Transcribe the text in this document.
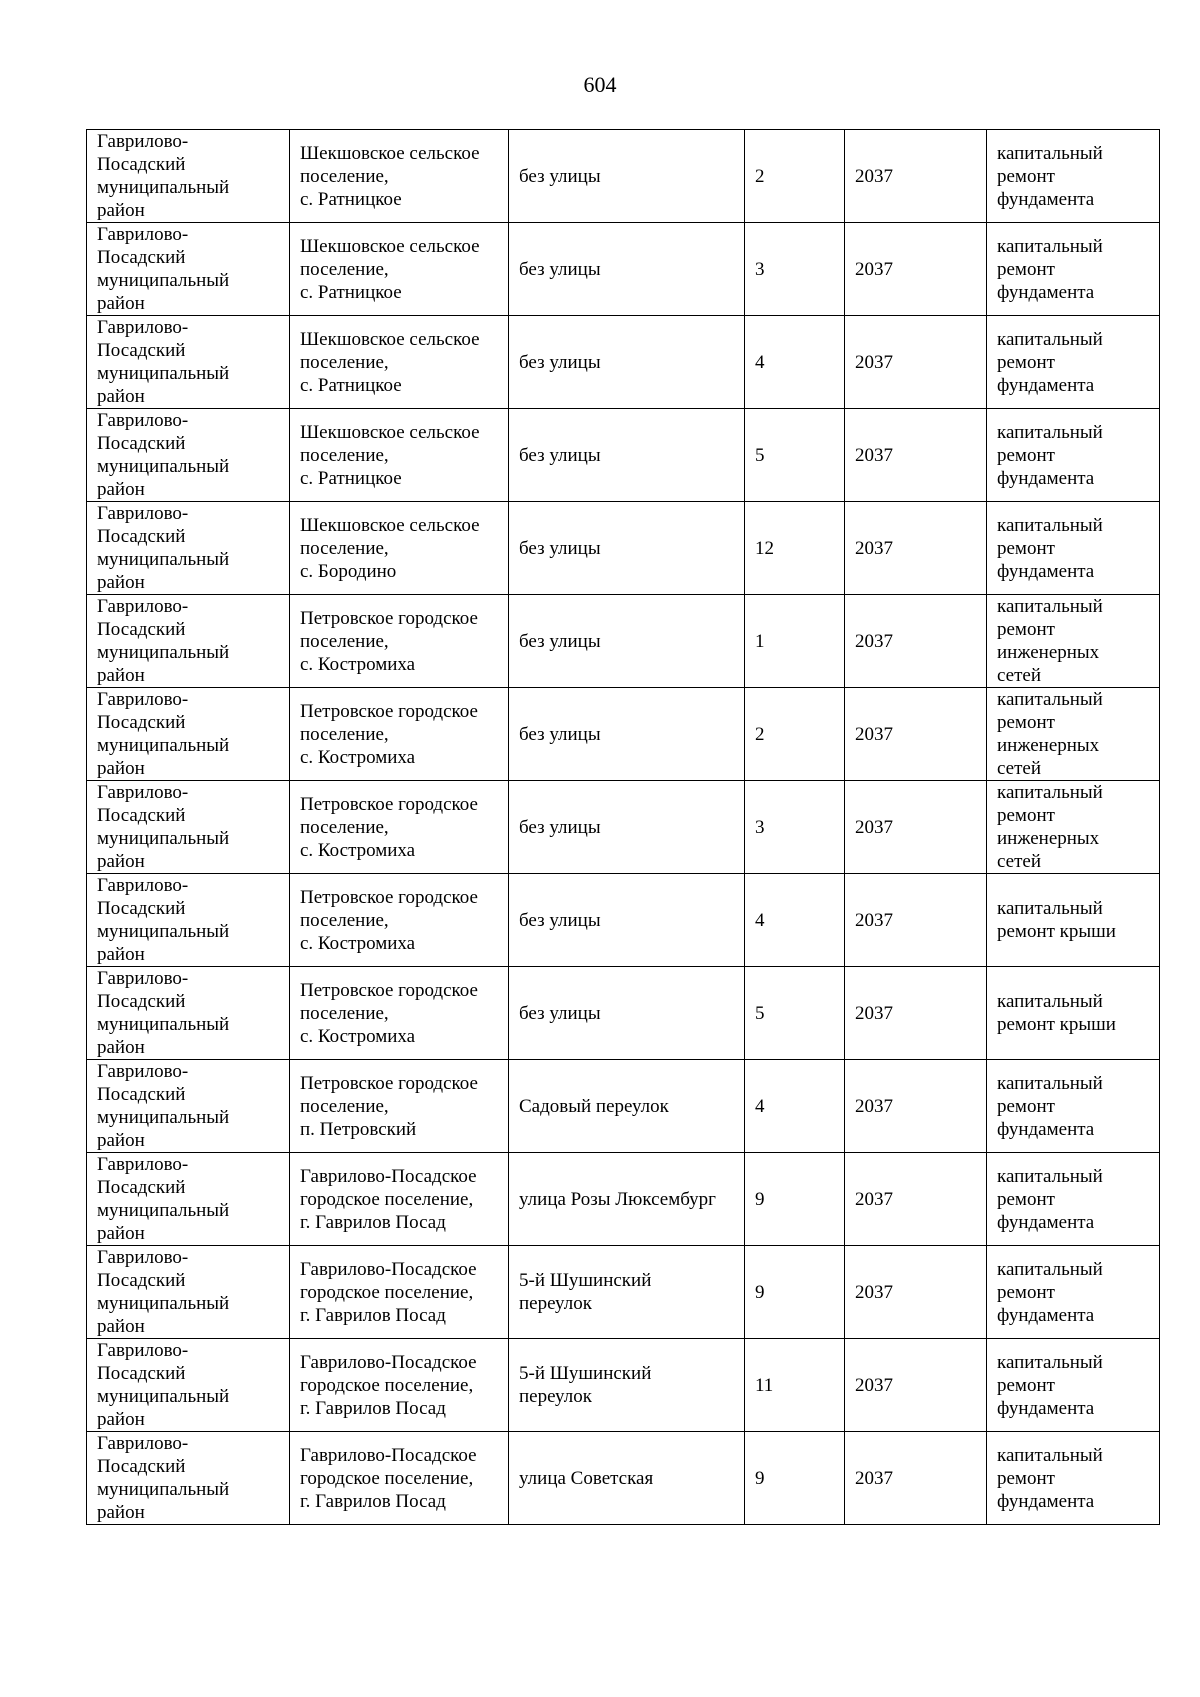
604
Гаврилово-
Посадский
муниципальный
район	Шекшовское сельское
поселение,
с. Ратницкое	без улицы	2	2037	капитальный
ремонт
фундамента
Гаврилово-
Посадский
муниципальный
район	Шекшовское сельское
поселение,
с. Ратницкое	без улицы	3	2037	капитальный
ремонт
фундамента
Гаврилово-
Посадский
муниципальный
район	Шекшовское сельское
поселение,
с. Ратницкое	без улицы	4	2037	капитальный
ремонт
фундамента
Гаврилово-
Посадский
муниципальный
район	Шекшовское сельское
поселение,
с. Ратницкое	без улицы	5	2037	капитальный
ремонт
фундамента
Гаврилово-
Посадский
муниципальный
район	Шекшовское сельское
поселение,
с. Бородино	без улицы	12	2037	капитальный
ремонт
фундамента
Гаврилово-
Посадский
муниципальный
район	Петровское городское
поселение,
с. Костромиха	без улицы	1	2037	капитальный
ремонт
инженерных
сетей
Гаврилово-
Посадский
муниципальный
район	Петровское городское
поселение,
с. Костромиха	без улицы	2	2037	капитальный
ремонт
инженерных
сетей
Гаврилово-
Посадский
муниципальный
район	Петровское городское
поселение,
с. Костромиха	без улицы	3	2037	капитальный
ремонт
инженерных
сетей
Гаврилово-
Посадский
муниципальный
район	Петровское городское
поселение,
с. Костромиха	без улицы	4	2037	капитальный
ремонт крыши
Гаврилово-
Посадский
муниципальный
район	Петровское городское
поселение,
с. Костромиха	без улицы	5	2037	капитальный
ремонт крыши
Гаврилово-
Посадский
муниципальный
район	Петровское городское
поселение,
п. Петровский	Садовый переулок	4	2037	капитальный
ремонт
фундамента
Гаврилово-
Посадский
муниципальный
район	Гаврилово-Посадское
городское поселение,
г. Гаврилов Посад	улица Розы Люксембург	9	2037	капитальный
ремонт
фундамента
Гаврилово-
Посадский
муниципальный
район	Гаврилово-Посадское
городское поселение,
г. Гаврилов Посад	5-й Шушинский
переулок	9	2037	капитальный
ремонт
фундамента
Гаврилово-
Посадский
муниципальный
район	Гаврилово-Посадское
городское поселение,
г. Гаврилов Посад	5-й Шушинский
переулок	11	2037	капитальный
ремонт
фундамента
Гаврилово-
Посадский
муниципальный
район	Гаврилово-Посадское
городское поселение,
г. Гаврилов Посад	улица Советская	9	2037	капитальный
ремонт
фундамента
